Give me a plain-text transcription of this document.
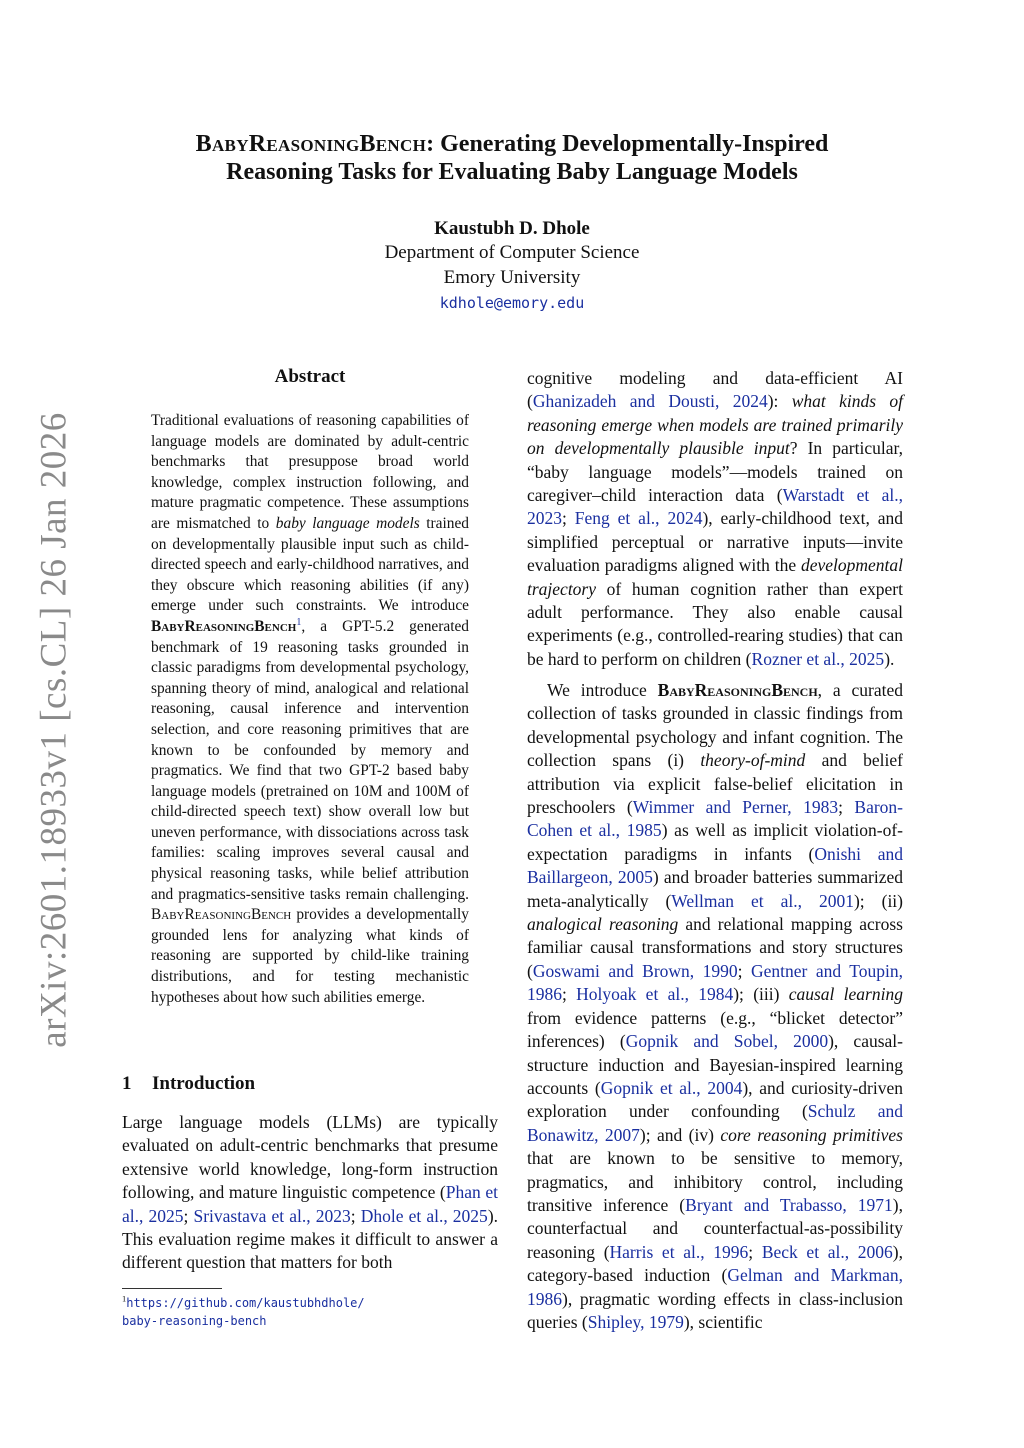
arXiv:2601.18933v1 [cs.CL] 26 Jan 2026
BabyReasoningBench: Generating Developmentally-Inspired
Reasoning Tasks for Evaluating Baby Language Models
Kaustubh D. Dhole
Department of Computer Science
Emory University
kdhole@emory.edu
Abstract
Traditional evaluations of reasoning capabilities of language models are dominated by adult-centric benchmarks that presuppose broad world knowledge, complex instruction following, and mature pragmatic competence. These assumptions are mismatched to baby language models trained on developmentally plausible input such as child-directed speech and early-childhood narratives, and they obscure which reasoning abilities (if any) emerge under such constraints. We introduce BabyReasoningBench$^1$, a GPT-5.2 generated benchmark of 19 reasoning tasks grounded in classic paradigms from developmental psychology, spanning theory of mind, analogical and relational reasoning, causal inference and intervention selection, and core reasoning primitives that are known to be confounded by memory and pragmatics. We find that two GPT-2 based baby language models (pretrained on 10M and 100M of child-directed speech text) show overall low but uneven performance, with dissociations across task families: scaling improves several causal and physical reasoning tasks, while belief attribution and pragmatics-sensitive tasks remain challenging. BabyReasoningBench provides a developmentally grounded lens for analyzing what kinds of reasoning are supported by child-like training distributions, and for testing mechanistic hypotheses about how such abilities emerge.
1 Introduction
Large language models (LLMs) are typically evaluated on adult-centric benchmarks that presume extensive world knowledge, long-form instruction following, and mature linguistic competence (Phan et al., 2025; Srivastava et al., 2023; Dhole et al., 2025). This evaluation regime makes it difficult to answer a different question that matters for both
$^1$https://github.com/kaustubhdhole/
baby-reasoning-bench
cognitive modeling and data-efficient AI (Ghanizadeh and Dousti, 2024): what kinds of reasoning emerge when models are trained primarily on developmentally plausible input? In particular, “baby language models”—models trained on caregiver–child interaction data (Warstadt et al., 2023; Feng et al., 2024), early-childhood text, and simplified perceptual or narrative inputs—invite evaluation paradigms aligned with the developmental trajectory of human cognition rather than expert adult performance. They also enable causal experiments (e.g., controlled-rearing studies) that can be hard to perform on children (Rozner et al., 2025).
We introduce BabyReasoningBench, a curated collection of tasks grounded in classic findings from developmental psychology and infant cognition. The collection spans (i) theory-of-mind and belief attribution via explicit false-belief elicitation in preschoolers (Wimmer and Perner, 1983; Baron-Cohen et al., 1985) as well as implicit violation-of-expectation paradigms in infants (Onishi and Baillargeon, 2005) and broader batteries summarized meta-analytically (Wellman et al., 2001); (ii) analogical reasoning and relational mapping across familiar causal transformations and story structures (Goswami and Brown, 1990; Gentner and Toupin, 1986; Holyoak et al., 1984); (iii) causal learning from evidence patterns (e.g., “blicket detector” inferences) (Gopnik and Sobel, 2000), causal-structure induction and Bayesian-inspired learning accounts (Gopnik et al., 2004), and curiosity-driven exploration under confounding (Schulz and Bonawitz, 2007); and (iv) core reasoning primitives that are known to be sensitive to memory, pragmatics, and inhibitory control, including transitive inference (Bryant and Trabasso, 1971), counterfactual and counterfactual-as-possibility reasoning (Harris et al., 1996; Beck et al., 2006), category-based induction (Gelman and Markman, 1986), pragmatic wording effects in class-inclusion queries (Shipley, 1979), scientific
